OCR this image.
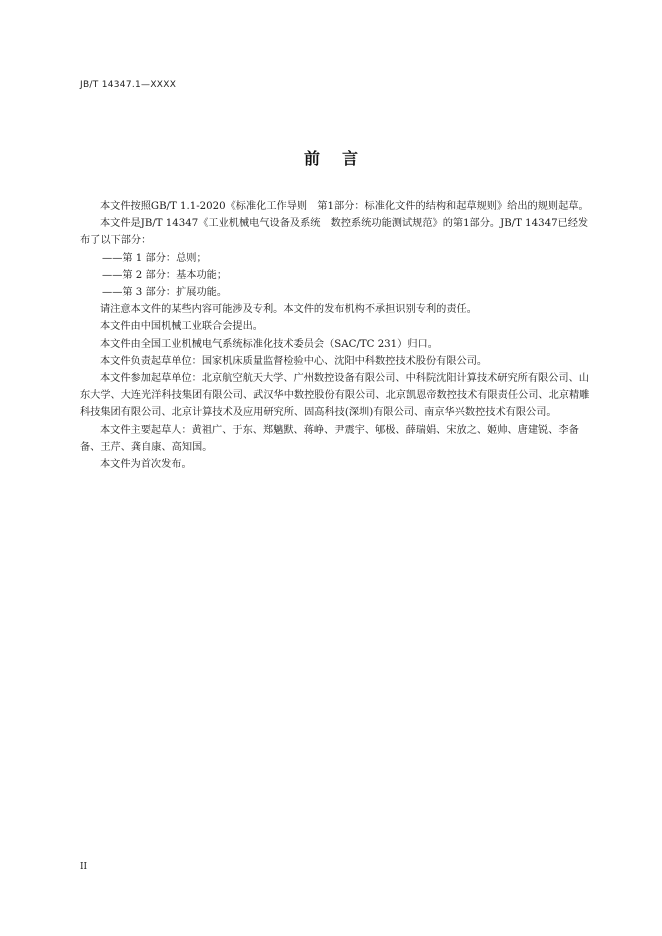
JB/T 14347.1—XXXX
前言

本文件按照GB/T 1.1-2020《标准化工作导则　第1部分：标准化文件的结构和起草规则》给出的规则起草。

本文件是JB/T 14347《工业机械电气设备及系统　数控系统功能测试规范》的第1部分。JB/T 14347已经发布了以下部分：

——第 1 部分：总则；

——第 2 部分：基本功能；

——第 3 部分：扩展功能。

请注意本文件的某些内容可能涉及专利。本文件的发布机构不承担识别专利的责任。

本文件由中国机械工业联合会提出。

本文件由全国工业机械电气系统标准化技术委员会（SAC/TC 231）归口。

本文件负责起草单位：国家机床质量监督检验中心、沈阳中科数控技术股份有限公司。

本文件参加起草单位：北京航空航天大学、广州数控设备有限公司、中科院沈阳计算技术研究所有限公司、山东大学、大连光洋科技集团有限公司、武汉华中数控股份有限公司、北京凯恩帝数控技术有限责任公司、北京精雕科技集团有限公司、北京计算技术及应用研究所、固高科技(深圳)有限公司、南京华兴数控技术有限公司。

本文件主要起草人：黄祖广、于东、郑魑默、蒋峥、尹震宇、郇极、薛瑞娟、宋放之、姬帅、唐建锐、李备备、王芹、龚自康、高知国。

本文件为首次发布。

II
